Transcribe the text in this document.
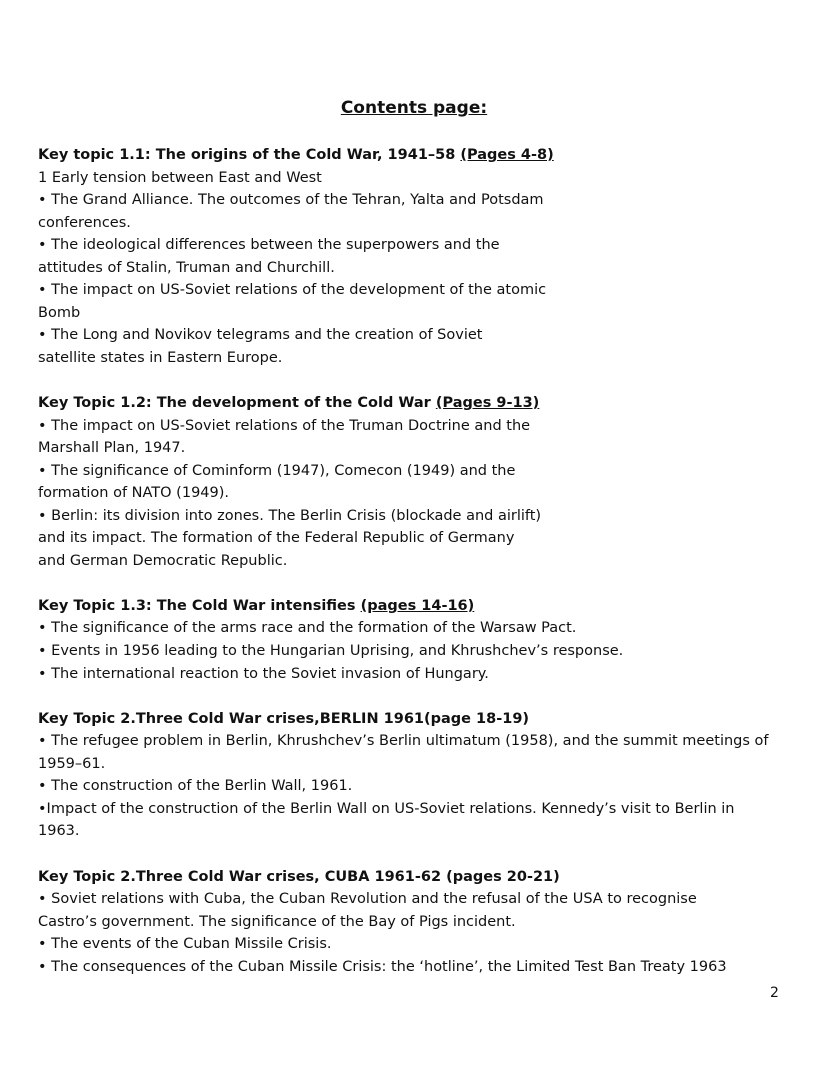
Contents page:
Key topic 1.1: The origins of the Cold War, 1941–58 (Pages 4-8)
1 Early tension between East and West
• The Grand Alliance. The outcomes of the Tehran, Yalta and Potsdam
conferences.
• The ideological differences between the superpowers and the
attitudes of Stalin, Truman and Churchill.
• The impact on US-Soviet relations of the development of the atomic
Bomb
• The Long and Novikov telegrams and the creation of Soviet
satellite states in Eastern Europe.
Key Topic 1.2: The development of the Cold War (Pages 9-13)
• The impact on US-Soviet relations of the Truman Doctrine and the
Marshall Plan, 1947.
• The significance of Cominform (1947), Comecon (1949) and the
formation of NATO (1949).
• Berlin: its division into zones. The Berlin Crisis (blockade and airlift)
and its impact. The formation of the Federal Republic of Germany
and German Democratic Republic.
Key Topic 1.3: The Cold War intensifies (pages 14-16)
• The significance of the arms race and the formation of the Warsaw Pact.
• Events in 1956 leading to the Hungarian Uprising, and Khrushchev’s response.
• The international reaction to the Soviet invasion of Hungary.
Key Topic 2.Three Cold War crises,BERLIN 1961(page 18-19)
• The refugee problem in Berlin, Khrushchev’s Berlin ultimatum (1958), and the summit meetings of
1959–61.
• The construction of the Berlin Wall, 1961.
•Impact of the construction of the Berlin Wall on US-Soviet relations. Kennedy’s visit to Berlin in
1963.
Key Topic 2.Three Cold War crises, CUBA 1961-62 (pages 20-21)
• Soviet relations with Cuba, the Cuban Revolution and the refusal of the USA to recognise
Castro’s government. The significance of the Bay of Pigs incident.
• The events of the Cuban Missile Crisis.
• The consequences of the Cuban Missile Crisis: the ‘hotline’, the Limited Test Ban Treaty 1963
2
